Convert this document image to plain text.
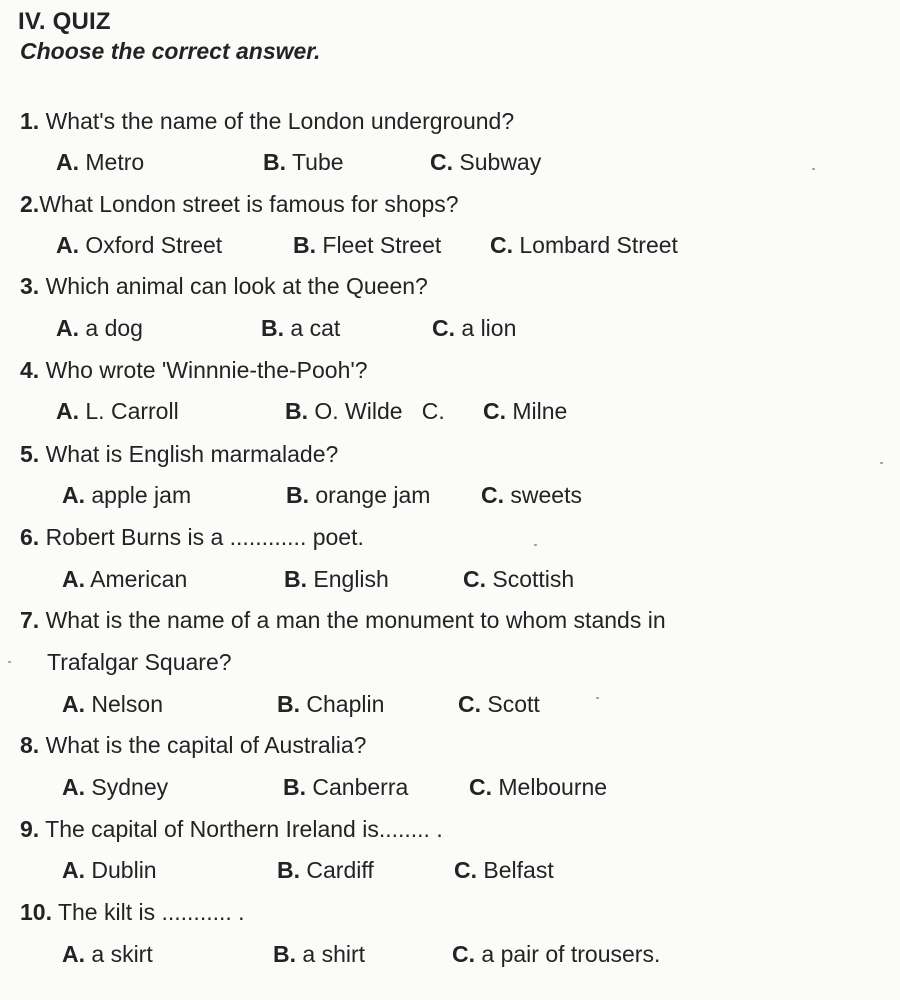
IV. QUIZ
Choose the correct answer.
1. What's the name of the London underground?
A. Metro	B. Tube	C. Subway
2.What London street is famous for shops?
A. Oxford Street	B. Fleet Street C. Lombard Street
3. Which animal can look at the Queen?
A. a dog	B. a cat	C. a lion
4. Who wrote 'Winnnie-the-Pooh'?
A. L. Carroll	B. O. Wilde   C. C. Milne
5. What is English marmalade?
A. apple jam	B. orange jam C. sweets
6. Robert Burns is a ............ poet.
A. American	B. English	C. Scottish
7. What is the name of a man the monument to whom stands in
Trafalgar Square?
A. Nelson	B. Chaplin	C. Scott
8. What is the capital of Australia?
A. Sydney	B. Canberra	C. Melbourne
9. The capital of Northern Ireland is........ .
A. Dublin	B. Cardiff	C. Belfast
10. The kilt is ........... .
A. a skirt	B. a shirt	C. a pair of trousers.
